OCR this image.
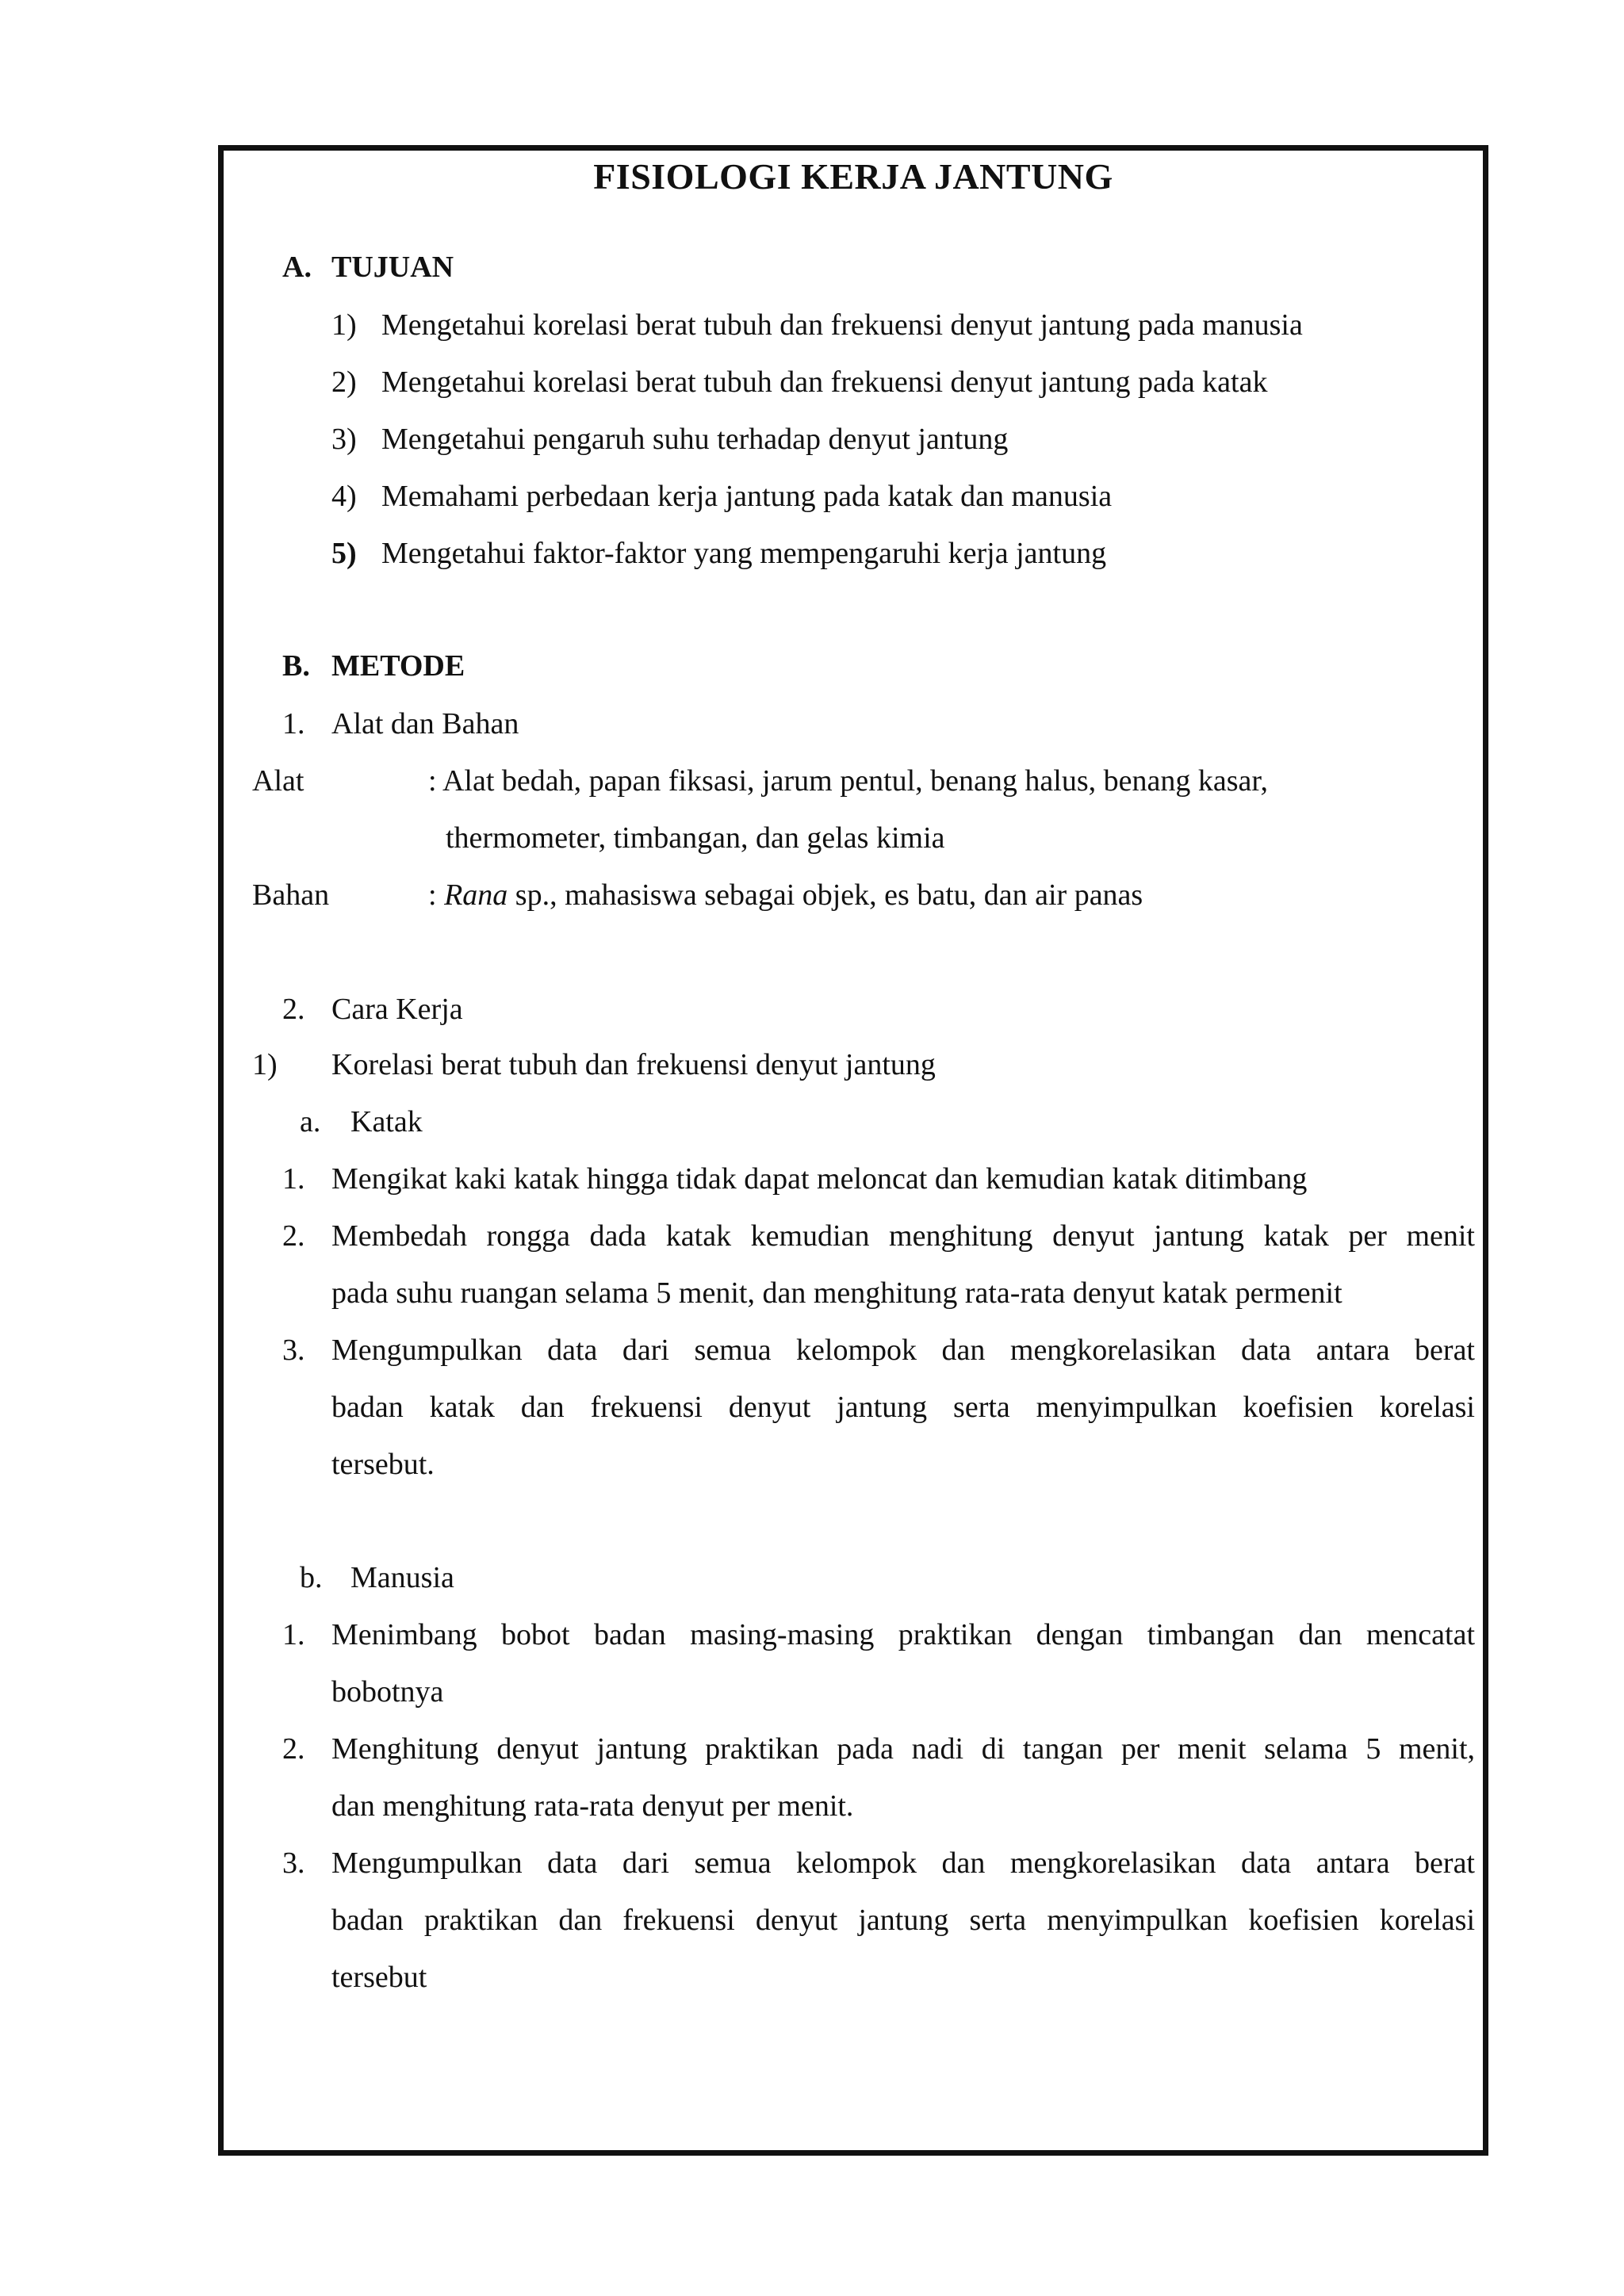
FISIOLOGI KERJA JANTUNG
A. TUJUAN
1) Mengetahui korelasi berat tubuh dan frekuensi denyut jantung pada manusia
2) Mengetahui korelasi berat tubuh dan frekuensi denyut jantung pada katak
3) Mengetahui pengaruh suhu terhadap denyut jantung
4) Memahami perbedaan kerja jantung pada katak dan manusia
5) Mengetahui faktor-faktor yang mempengaruhi kerja jantung
B. METODE
1. Alat dan Bahan
Alat	: Alat bedah, papan fiksasi, jarum pentul, benang halus, benang kasar,
thermometer, timbangan, dan gelas kimia
Bahan	: Rana sp., mahasiswa sebagai objek, es batu, dan air panas
2. Cara Kerja
1) Korelasi berat tubuh dan frekuensi denyut jantung
a. Katak
1. Mengikat kaki katak hingga tidak dapat meloncat dan kemudian katak ditimbang
2. Membedah rongga dada katak kemudian menghitung denyut jantung katak per menit
pada suhu ruangan selama 5 menit, dan menghitung rata-rata denyut katak permenit
3. Mengumpulkan data dari semua kelompok dan mengkorelasikan data antara berat
badan katak dan frekuensi denyut jantung serta menyimpulkan koefisien korelasi
tersebut.
b. Manusia
1. Menimbang bobot badan masing-masing praktikan dengan timbangan dan mencatat
bobotnya
2. Menghitung denyut jantung praktikan pada nadi di tangan per menit selama 5 menit,
dan menghitung rata-rata denyut per menit.
3. Mengumpulkan data dari semua kelompok dan mengkorelasikan data antara berat
badan praktikan dan frekuensi denyut jantung serta menyimpulkan koefisien korelasi
tersebut
